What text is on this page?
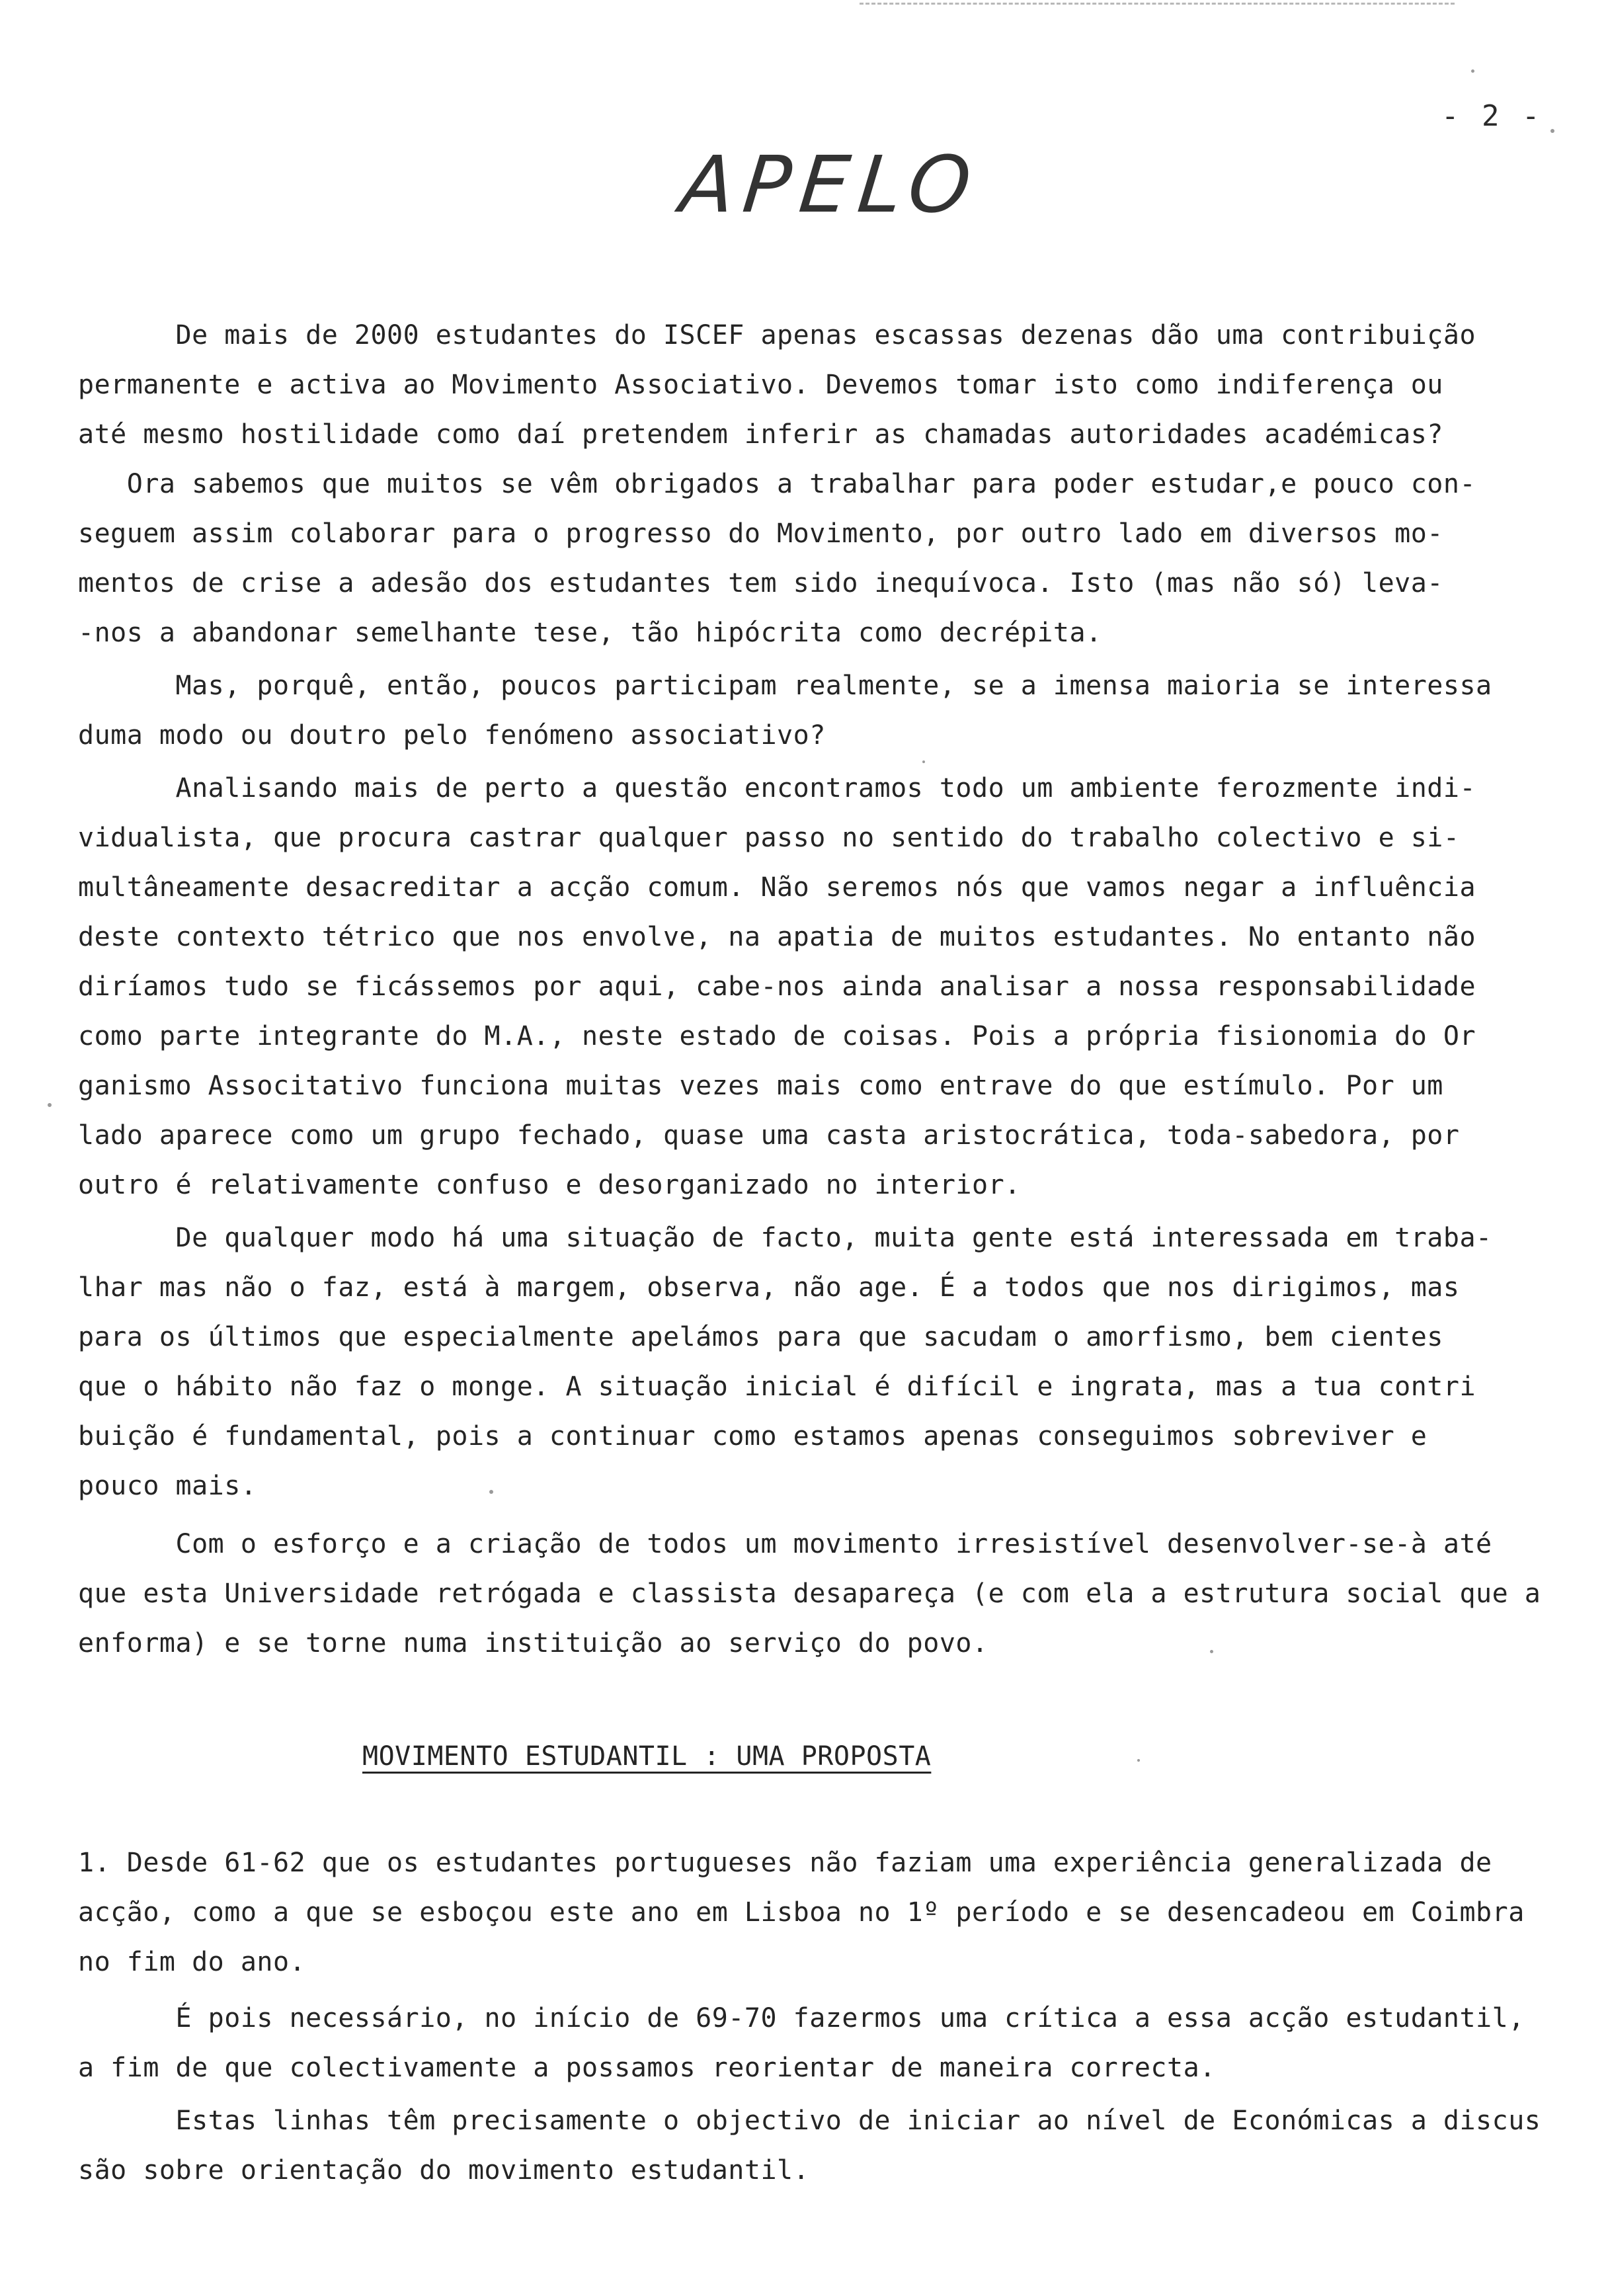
- 2 -
APELO

De mais de 2000 estudantes do ISCEF apenas escassas dezenas dão uma contribuição
permanente e activa ao Movimento Associativo. Devemos tomar isto como indiferença ou
até mesmo hostilidade como daí pretendem inferir as chamadas autoridades académicas?
Ora sabemos que muitos se vêm obrigados a trabalhar para poder estudar,e pouco con-
seguem assim colaborar para o progresso do Movimento, por outro lado em diversos mo-
mentos de crise a adesão dos estudantes tem sido inequívoca. Isto (mas não só) leva-
-nos a abandonar semelhante tese, tão hipócrita como decrépita.

Mas, porquê, então, poucos participam realmente, se a imensa maioria se interessa
duma modo ou doutro pelo fenómeno associativo?

Analisando mais de perto a questão encontramos todo um ambiente ferozmente indi-
vidualista, que procura castrar qualquer passo no sentido do trabalho colectivo e si-
multâneamente desacreditar a acção comum. Não seremos nós que vamos negar a influência
deste contexto tétrico que nos envolve, na apatia de muitos estudantes. No entanto não
diríamos tudo se ficássemos por aqui, cabe-nos ainda analisar a nossa responsabilidade
como parte integrante do M.A., neste estado de coisas. Pois a própria fisionomia do Or
ganismo Associtativo funciona muitas vezes mais como entrave do que estímulo. Por um
lado aparece como um grupo fechado, quase uma casta aristocrática, toda-sabedora, por
outro é relativamente confuso e desorganizado no interior.

De qualquer modo há uma situação de facto, muita gente está interessada em traba-
lhar mas não o faz, está à margem, observa, não age. É a todos que nos dirigimos, mas
para os últimos que especialmente apelámos para que sacudam o amorfismo, bem cientes
que o hábito não faz o monge. A situação inicial é difícil e ingrata, mas a tua contri
buição é fundamental, pois a continuar como estamos apenas conseguimos sobreviver e
pouco mais.

Com o esforço e a criação de todos um movimento irresistível desenvolver-se-à até
que esta Universidade retrógada e classista desapareça (e com ela a estrutura social que a
enforma) e se torne numa instituição ao serviço do povo.

MOVIMENTO ESTUDANTIL : UMA PROPOSTA

1. Desde 61-62 que os estudantes portugueses não faziam uma experiência generalizada de
acção, como a que se esboçou este ano em Lisboa no 1º período e se desencadeou em Coimbra
no fim do ano.

É pois necessário, no início de 69-70 fazermos uma crítica a essa acção estudantil,
a fim de que colectivamente a possamos reorientar de maneira correcta.

Estas linhas têm precisamente o objectivo de iniciar ao nível de Económicas a discus
são sobre orientação do movimento estudantil.
